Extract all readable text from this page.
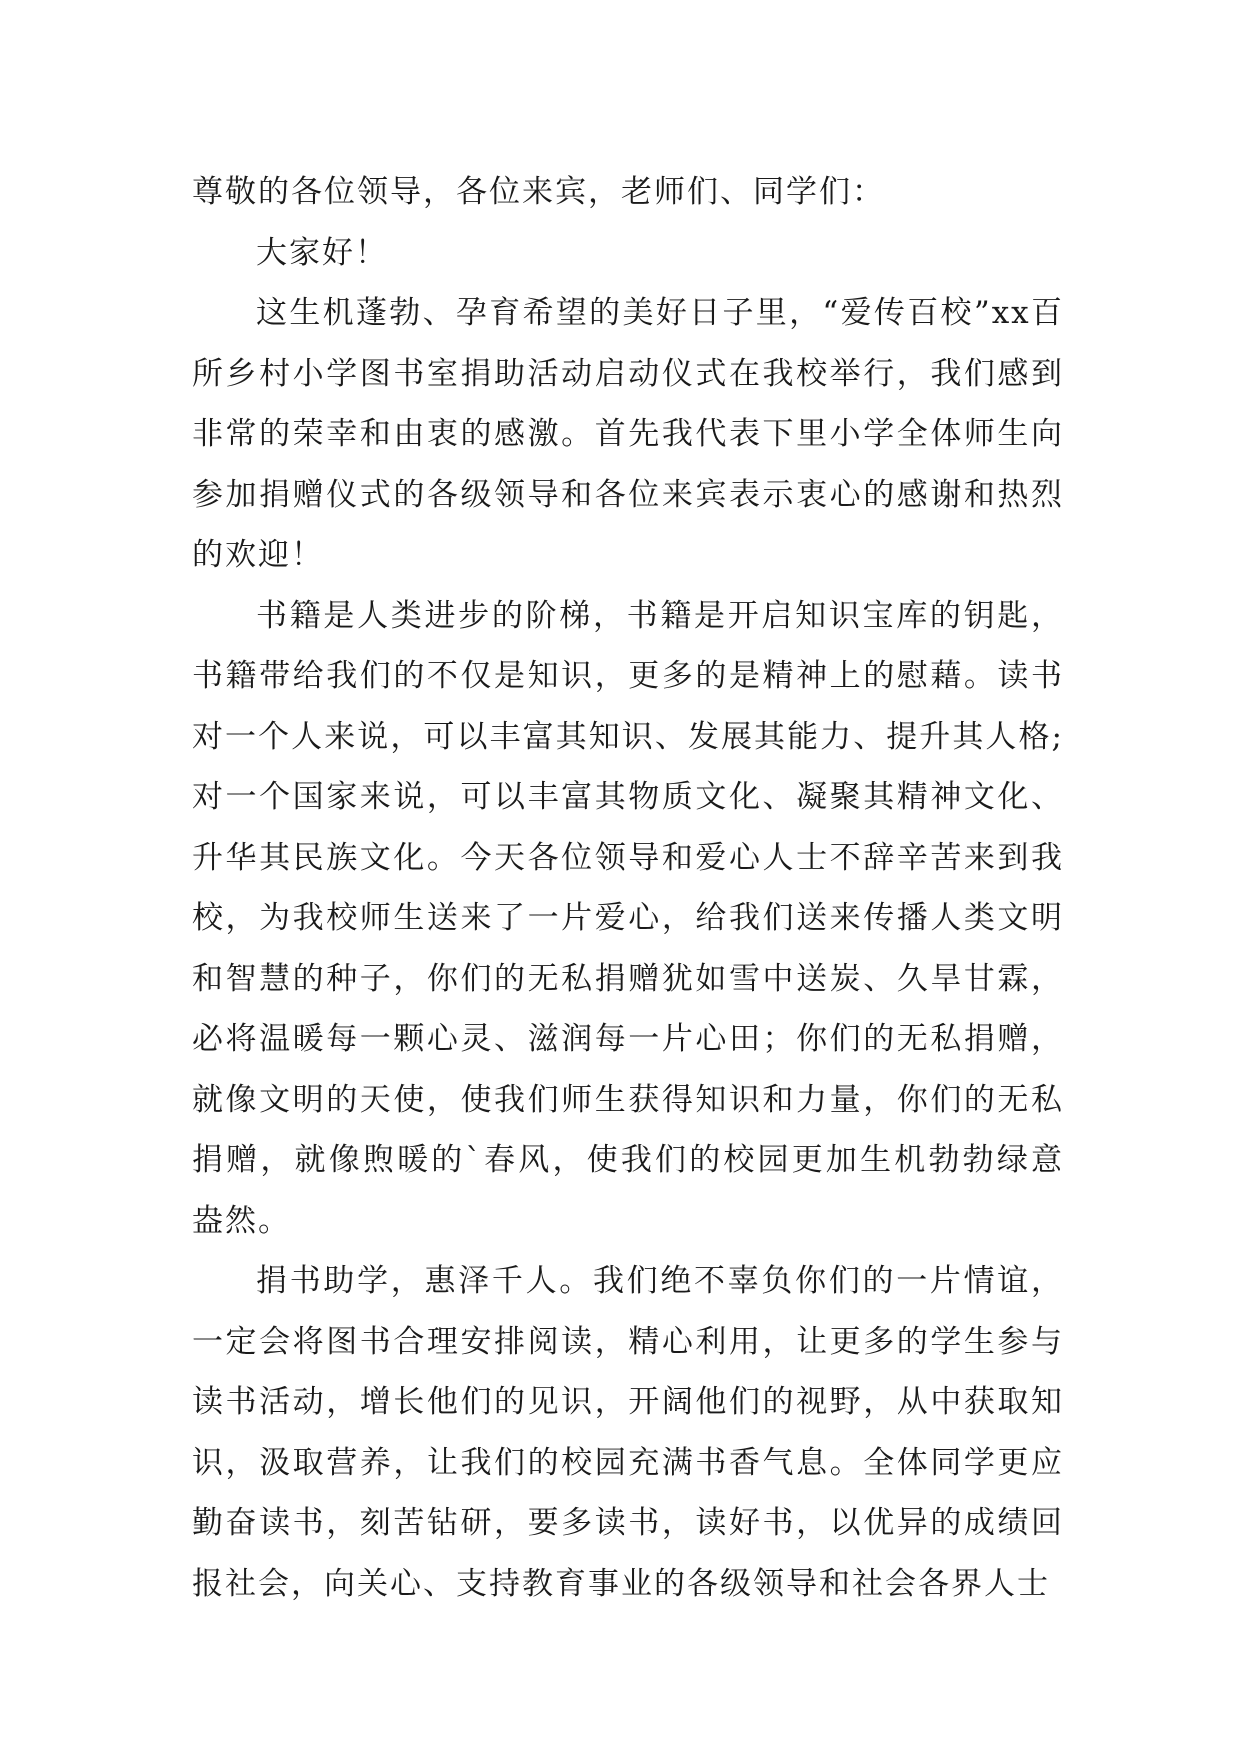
尊敬的各位领导，各位来宾，老师们、同学们：

大家好！

这生机蓬勃、孕育希望的美好日子里，“爱传百校”xx百所乡村小学图书室捐助活动启动仪式在我校举行，我们感到非常的荣幸和由衷的感激。首先我代表下里小学全体师生向参加捐赠仪式的各级领导和各位来宾表示衷心的感谢和热烈的欢迎！

书籍是人类进步的阶梯，书籍是开启知识宝库的钥匙，书籍带给我们的不仅是知识，更多的是精神上的慰藉。读书对一个人来说，可以丰富其知识、发展其能力、提升其人格;对一个国家来说，可以丰富其物质文化、凝聚其精神文化、升华其民族文化。今天各位领导和爱心人士不辞辛苦来到我校，为我校师生送来了一片爱心，给我们送来传播人类文明和智慧的种子，你们的无私捐赠犹如雪中送炭、久旱甘霖，必将温暖每一颗心灵、滋润每一片心田；你们的无私捐赠，就像文明的天使，使我们师生获得知识和力量，你们的无私捐赠，就像煦暖的`春风，使我们的校园更加生机勃勃绿意盎然。

捐书助学，惠泽千人。我们绝不辜负你们的一片情谊，一定会将图书合理安排阅读，精心利用，让更多的学生参与读书活动，增长他们的见识，开阔他们的视野，从中获取知识，汲取营养，让我们的校园充满书香气息。全体同学更应勤奋读书，刻苦钻研，要多读书，读好书，以优异的成绩回报社会，向关心、支持教育事业的各级领导和社会各界人士
